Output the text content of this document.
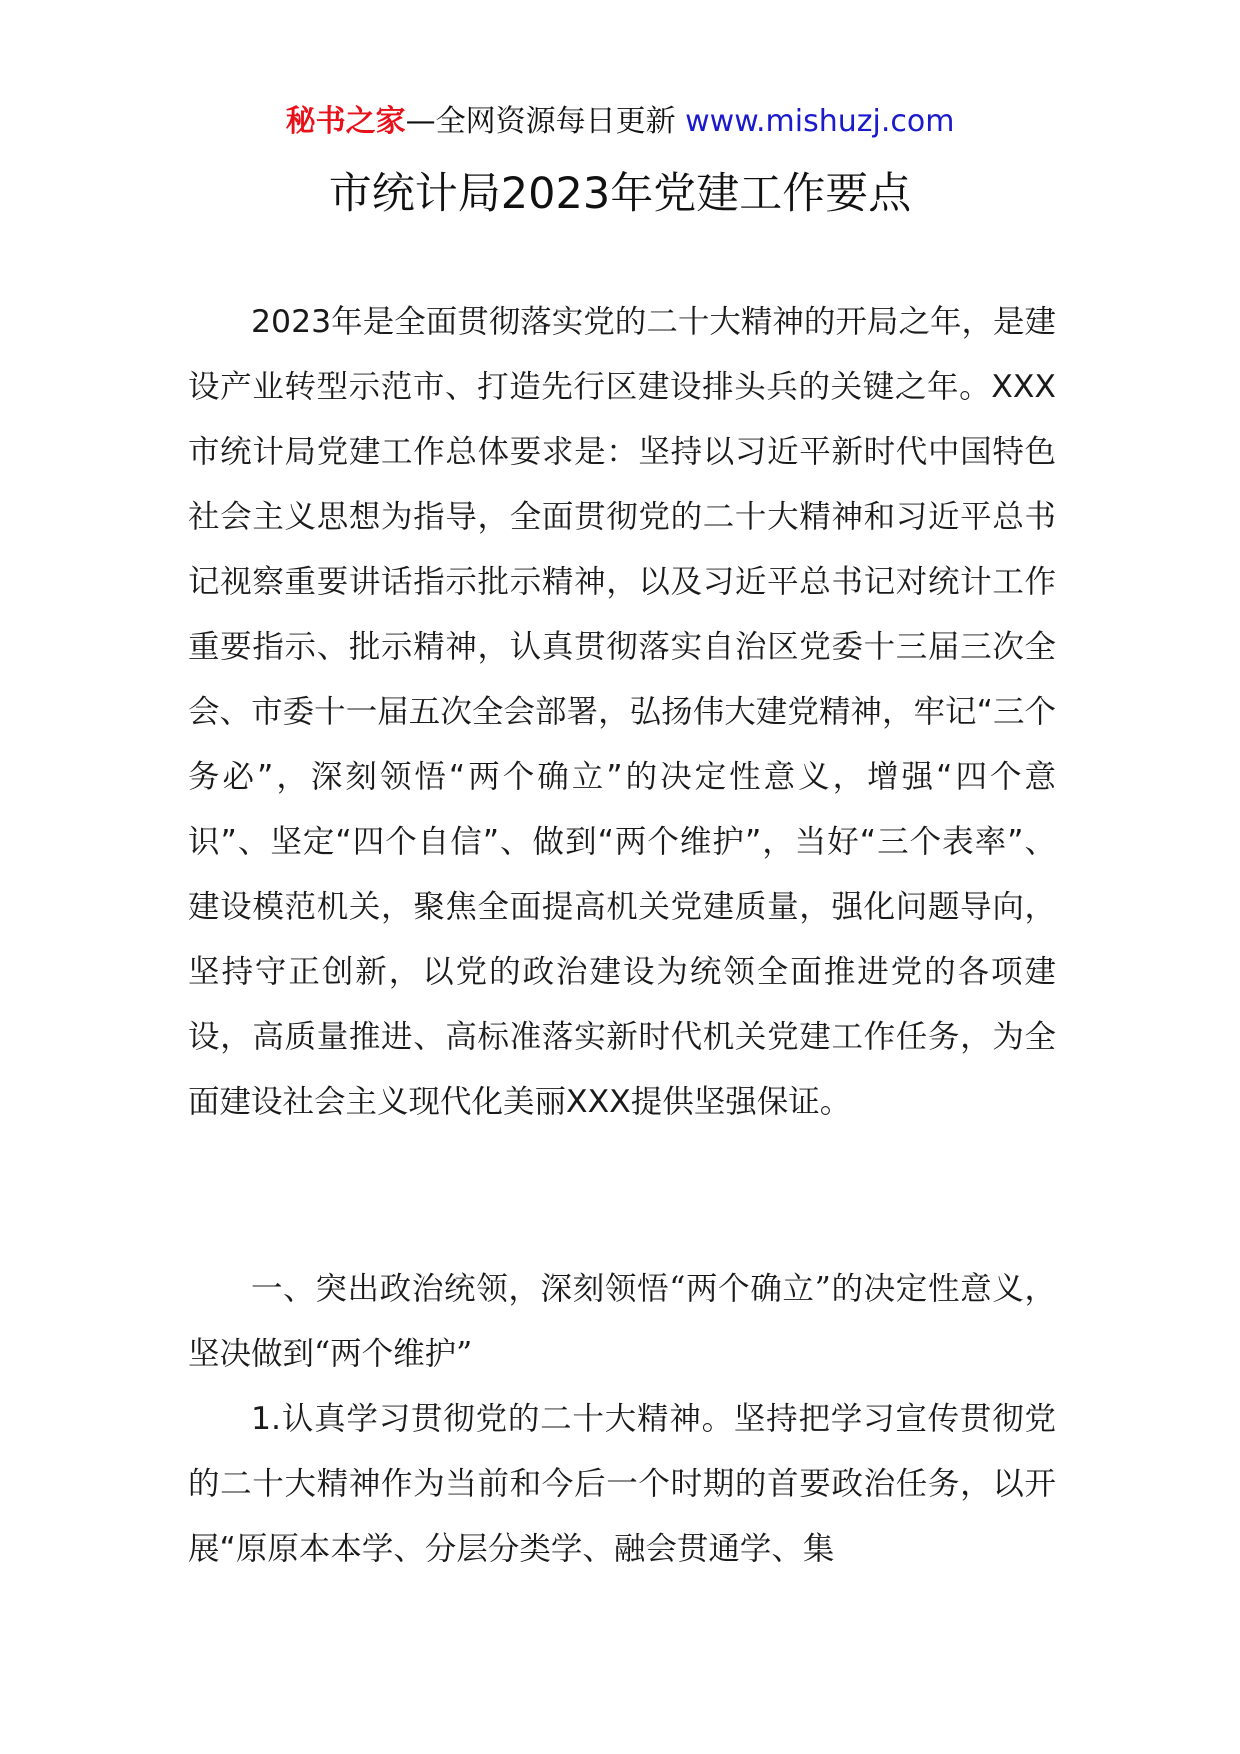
秘书之家—全网资源每日更新 www.mishuzj.com
市统计局2023年党建工作要点

2023年是全面贯彻落实党的二十大精神的开局之年，是建设产业转型示范市、打造先行区建设排头兵的关键之年。XXX市统计局党建工作总体要求是：坚持以习近平新时代中国特色社会主义思想为指导，全面贯彻党的二十大精神和习近平总书记视察重要讲话指示批示精神，以及习近平总书记对统计工作重要指示、批示精神，认真贯彻落实自治区党委十三届三次全会、市委十一届五次全会部署，弘扬伟大建党精神，牢记“三个务必”，深刻领悟“两个确立”的决定性意义，增强“四个意识”、坚定“四个自信”、做到“两个维护”，当好“三个表率”、建设模范机关，聚焦全面提高机关党建质量，强化问题导向，坚持守正创新，以党的政治建设为统领全面推进党的各项建设，高质量推进、高标准落实新时代机关党建工作任务，为全面建设社会主义现代化美丽XXX提供坚强保证。

一、突出政治统领，深刻领悟“两个确立”的决定性意义，坚决做到“两个维护”

1.认真学习贯彻党的二十大精神。坚持把学习宣传贯彻党的二十大精神作为当前和今后一个时期的首要政治任务，以开展“原原本本学、分层分类学、融会贯通学、集
